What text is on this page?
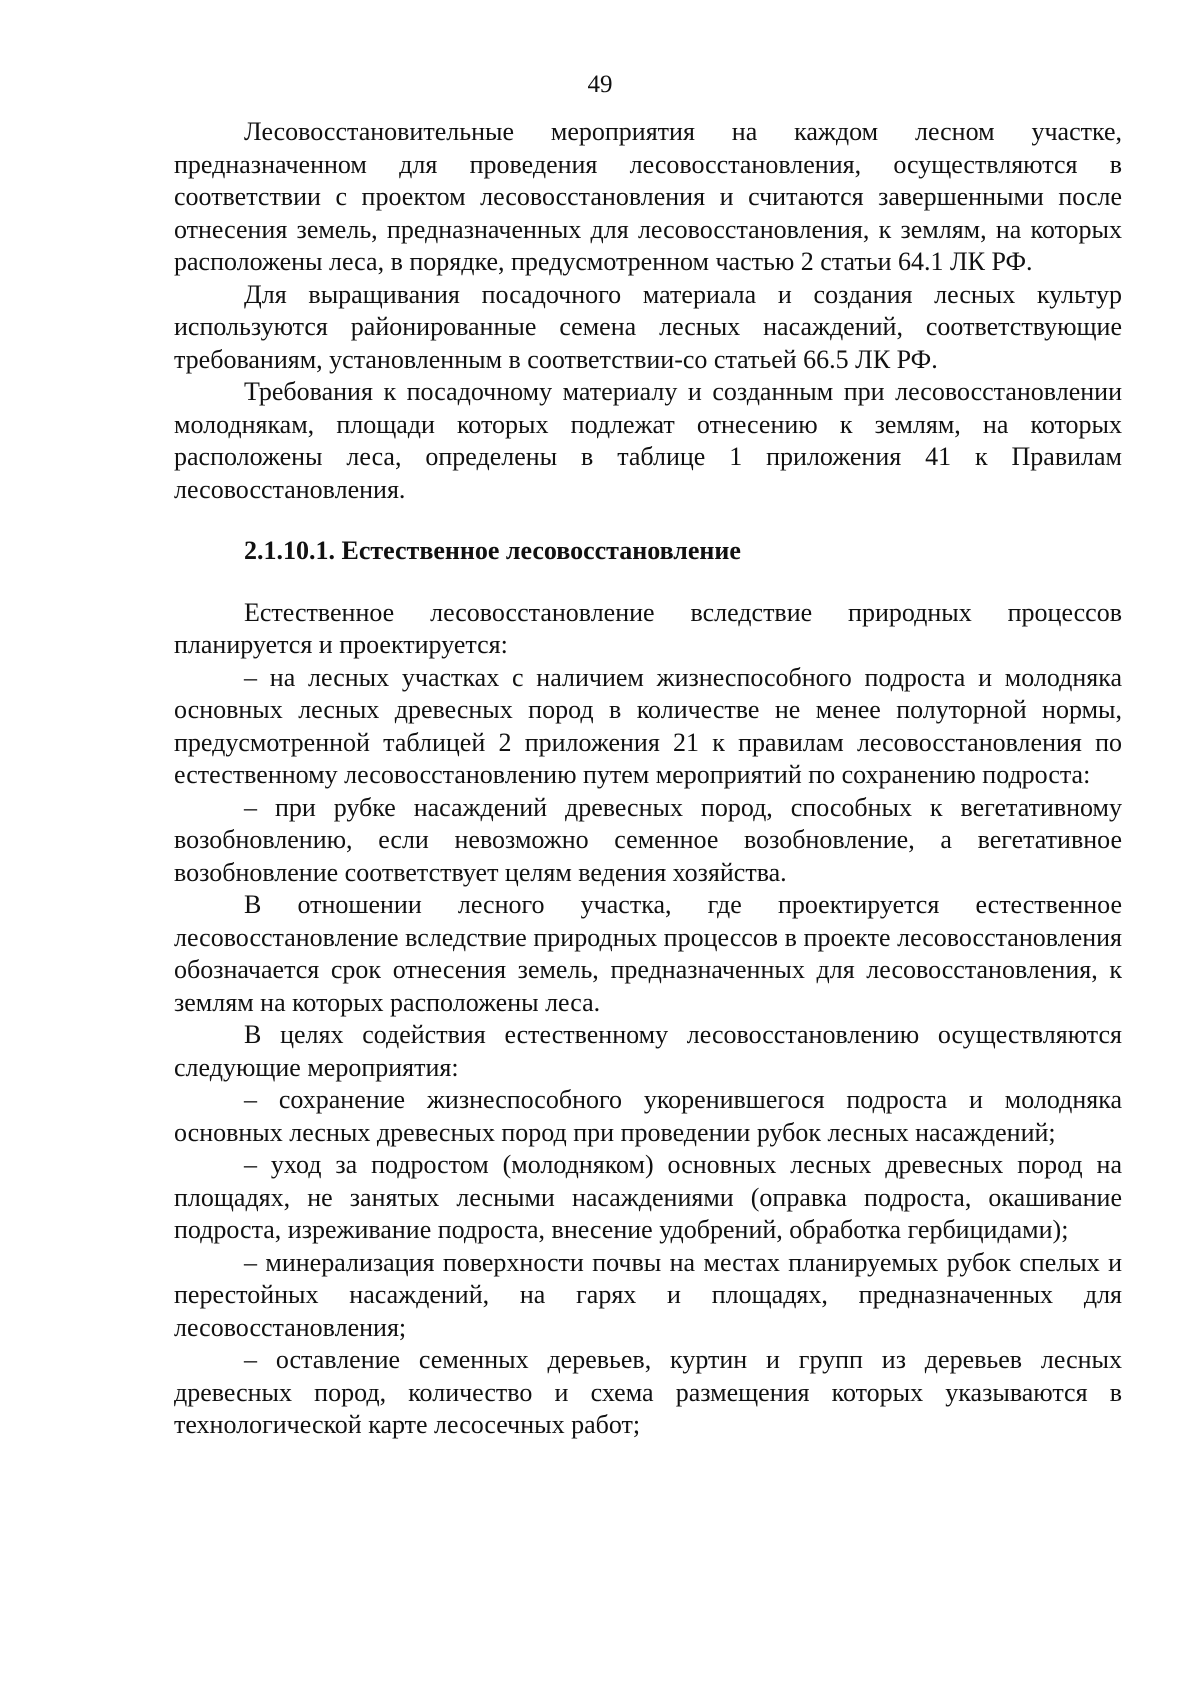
49

Лесовосстановительные мероприятия на каждом лесном участке, предназначенном для проведения лесовосстановления, осуществляются в соответствии с проектом лесовосстановления и считаются завершенными после отнесения земель, предназначенных для лесовосстановления, к землям, на которых расположены леса, в порядке, предусмотренном частью 2 статьи 64.1 ЛК РФ.

Для выращивания посадочного материала и создания лесных культур используются районированные семена лесных насаждений, соответствующие требованиям, установленным в соответствии-со статьей 66.5 ЛК РФ.

Требования к посадочному материалу и созданным при лесовосстановлении молоднякам, площади которых подлежат отнесению к землям, на которых расположены леса, определены в таблице 1 приложения 41 к Правилам лесовосстановления.

2.1.10.1. Естественное лесовосстановление

Естественное лесовосстановление вследствие природных процессов планируется и проектируется:

– на лесных участках с наличием жизнеспособного подроста и молодняка основных лесных древесных пород в количестве не менее полуторной нормы, предусмотренной таблицей 2 приложения 21 к правилам лесовосстановления по естественному лесовосстановлению путем мероприятий по сохранению подроста:

– при рубке насаждений древесных пород, способных к вегетативному возобновлению, если невозможно семенное возобновление, а вегетативное возобновление соответствует целям ведения хозяйства.

В отношении лесного участка, где проектируется естественное лесовосстановление вследствие природных процессов в проекте лесовосстановления обозначается срок отнесения земель, предназначенных для лесовосстановления, к землям на которых расположены леса.

В целях содействия естественному лесовосстановлению осуществляются следующие мероприятия:

– сохранение жизнеспособного укоренившегося подроста и молодняка основных лесных древесных пород при проведении рубок лесных насаждений;

– уход за подростом (молодняком) основных лесных древесных пород на площадях, не занятых лесными насаждениями (оправка подроста, окашивание подроста, изреживание подроста, внесение удобрений, обработка гербицидами);

– минерализация поверхности почвы на местах планируемых рубок спелых и перестойных насаждений, на гарях и площадях, предназначенных для лесовосстановления;

– оставление семенных деревьев, куртин и групп из деревьев лесных древесных пород, количество и схема размещения которых указываются в технологической карте лесосечных работ;
